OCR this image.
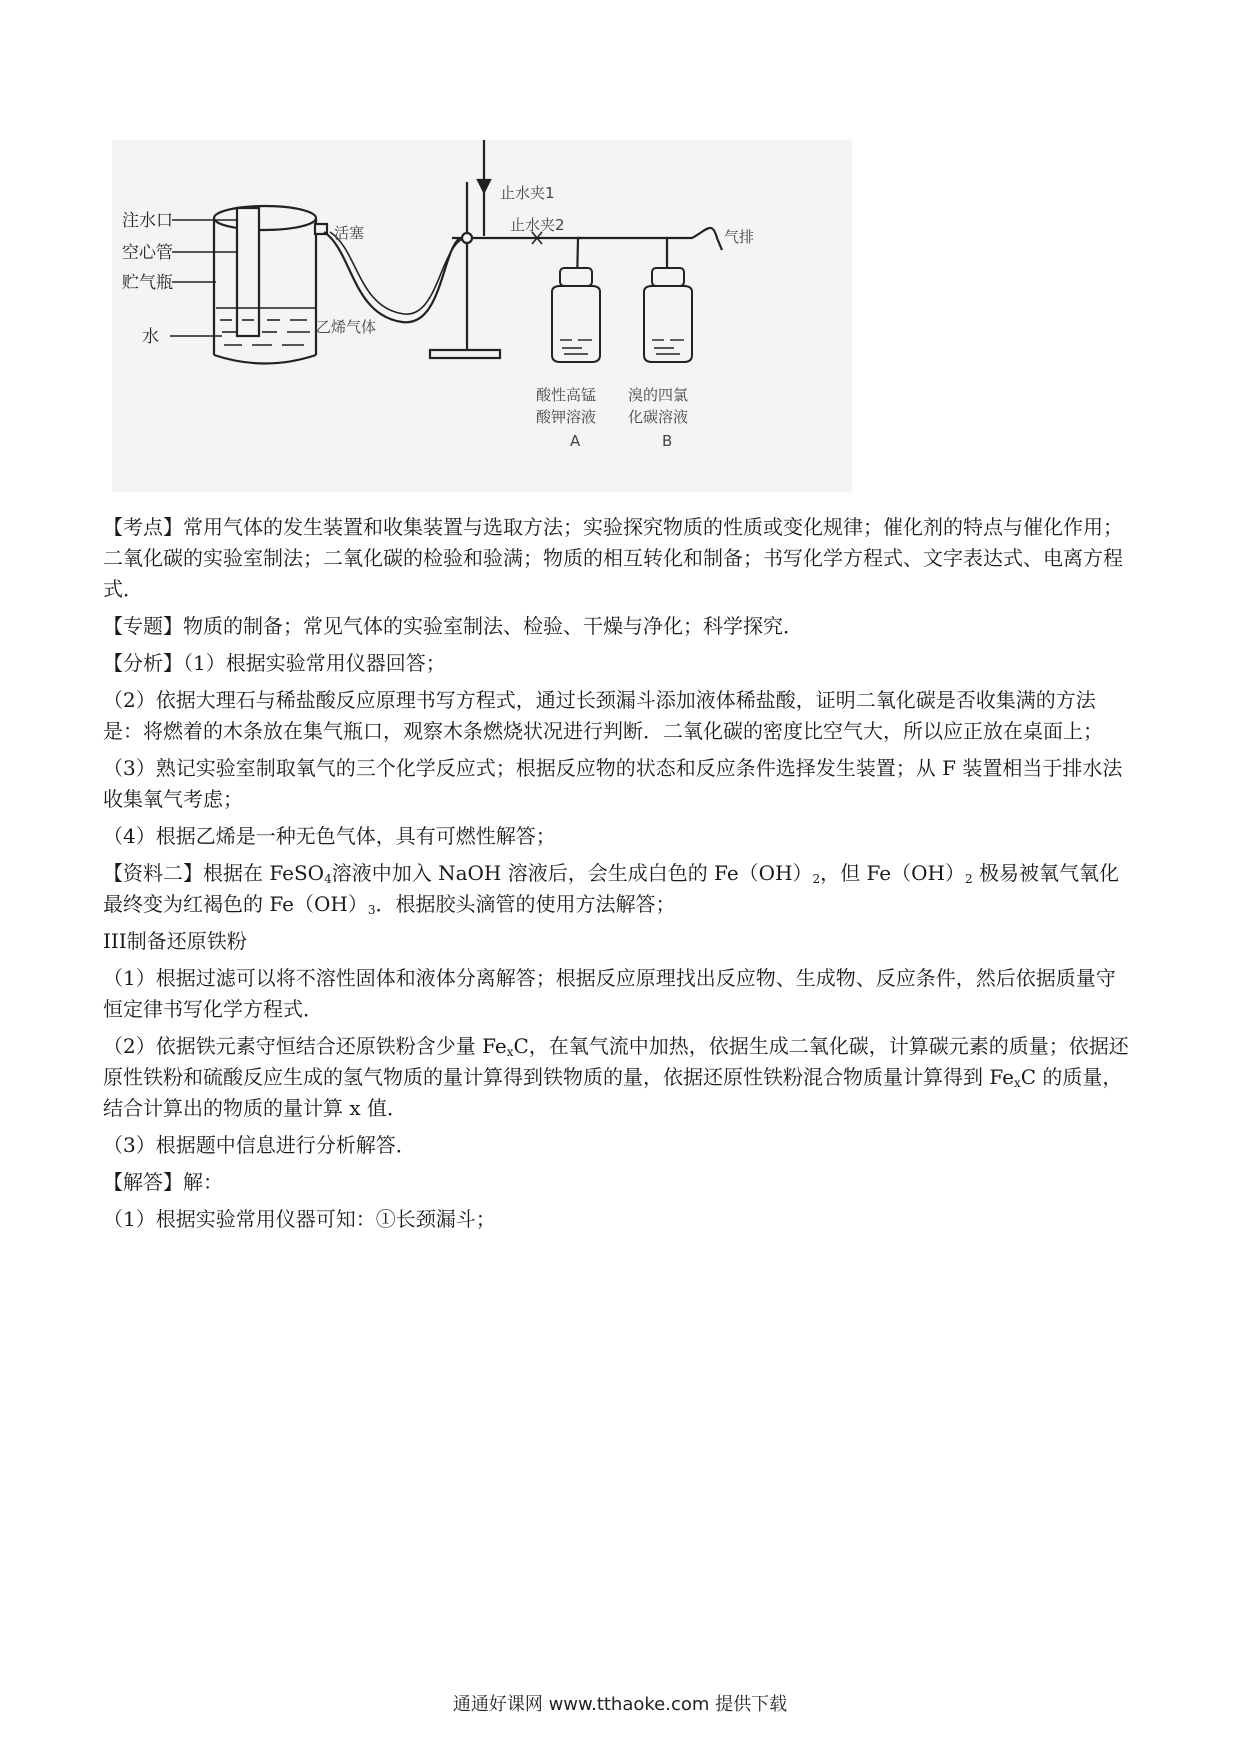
注水口
空心管
贮气瓶
水
活塞
乙烯气体
止水夹1
止水夹2
气排
酸性高锰
酸钾溶液
A
溴的四氯
化碳溶液
B

【考点】常用气体的发生装置和收集装置与选取方法；实验探究物质的性质或变化规律；催化剂的特点与催化作用；二氧化碳的实验室制法；二氧化碳的检验和验满；物质的相互转化和制备；书写化学方程式、文字表达式、电离方程式．

【专题】物质的制备；常见气体的实验室制法、检验、干燥与净化；科学探究．

【分析】（1）根据实验常用仪器回答；

（2）依据大理石与稀盐酸反应原理书写方程式，通过长颈漏斗添加液体稀盐酸，证明二氧化碳是否收集满的方法是：将燃着的木条放在集气瓶口，观察木条燃烧状况进行判断．二氧化碳的密度比空气大，所以应正放在桌面上；

（3）熟记实验室制取氧气的三个化学反应式；根据反应物的状态和反应条件选择发生装置；从 F 装置相当于排水法收集氧气考虑；

（4）根据乙烯是一种无色气体，具有可燃性解答；

【资料二】根据在 FeSO$_4$溶液中加入 NaOH 溶液后，会生成白色的 $Fe(OH)_2$，但 $Fe(OH)_2$ 极易被氧气氧化最终变为红褐色的 $Fe(OH)_3$．根据胶头滴管的使用方法解答；

III制备还原铁粉

（1）根据过滤可以将不溶性固体和液体分离解答；根据反应原理找出反应物、生成物、反应条件，然后依据质量守恒定律书写化学方程式．

（2）依据铁元素守恒结合还原铁粉含少量 $Fe_xC$，在氧气流中加热，依据生成二氧化碳，计算碳元素的质量；依据还原性铁粉和硫酸反应生成的氢气物质的量计算得到铁物质的量，依据还原性铁粉混合物质量计算得到 $Fe_xC$ 的质量，结合计算出的物质的量计算 x 值．

（3）根据题中信息进行分析解答．

【解答】解：

（1）根据实验常用仪器可知：①长颈漏斗；

通通好课网 www.tthaoke.com 提供下载
